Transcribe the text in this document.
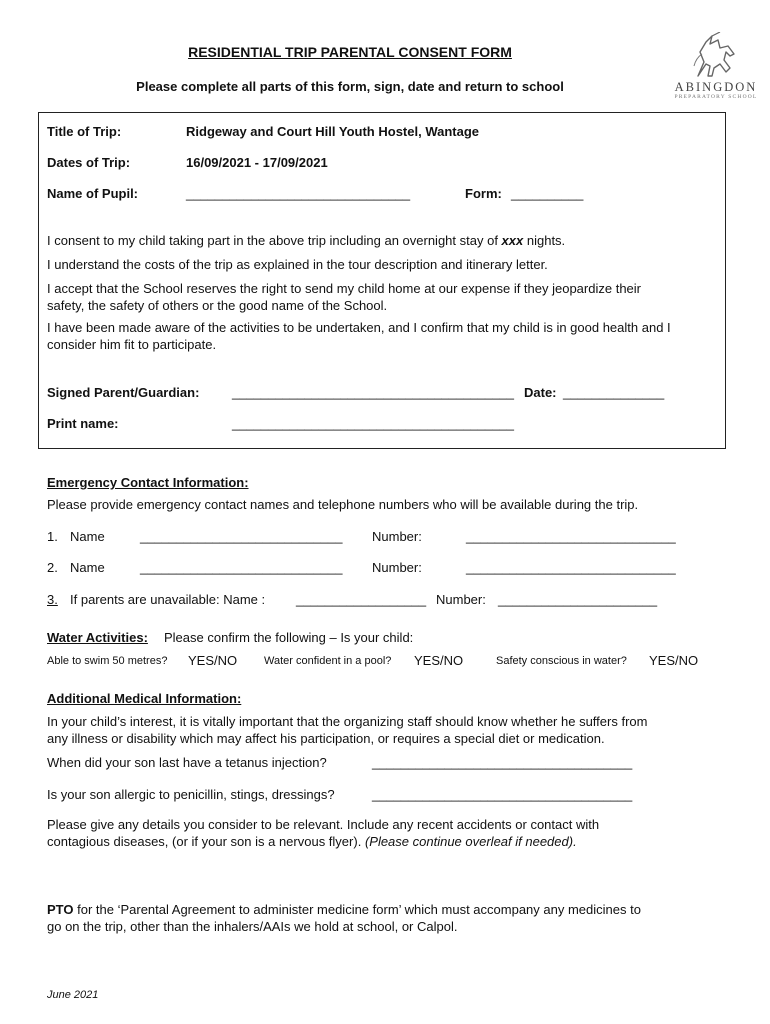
RESIDENTIAL TRIP PARENTAL CONSENT FORM
Please complete all parts of this form, sign, date and return to school	ABINGDON
PREPARATORY SCHOOL
Title of Trip:	Ridgeway and Court Hill Youth Hostel, Wantage
Dates of Trip:	16/09/2021 - 17/09/2021
Name of Pupil:	_______________________________	Form: __________
I consent to my child taking part in the above trip including an overnight stay of xxx nights.
I understand the costs of the trip as explained in the tour description and itinerary letter.
I accept that the School reserves the right to send my child home at our expense if they jeopardize their
safety, the safety of others or the good name of the School.
I have been made aware of the activities to be undertaken, and I confirm that my child is in good health and I
consider him fit to participate.
Signed Parent/Guardian:	_______________________________________ Date: ______________
Print name:	_______________________________________
Emergency Contact Information:
Please provide emergency contact names and telephone numbers who will be available during the trip.
1. Name	____________________________ Number:	_____________________________
2. Name	____________________________ Number:	_____________________________
3. If parents are unavailable: Name : __________________ Number: ______________________
Water Activities: Please confirm the following – Is your child:
Able to swim 50 metres? YES/NO Water confident in a pool? YES/NO	Safety conscious in water? YES/NO
Additional Medical Information:
In your child’s interest, it is vitally important that the organizing staff should know whether he suffers from
any illness or disability which may affect his participation, or requires a special diet or medication.
When did your son last have a tetanus injection?	____________________________________
Is your son allergic to penicillin, stings, dressings?	____________________________________
Please give any details you consider to be relevant. Include any recent accidents or contact with
contagious diseases, (or if your son is a nervous flyer). (Please continue overleaf if needed).
PTO for the ‘Parental Agreement to administer medicine form’ which must accompany any medicines to
go on the trip, other than the inhalers/AAIs we hold at school, or Calpol.
June 2021
